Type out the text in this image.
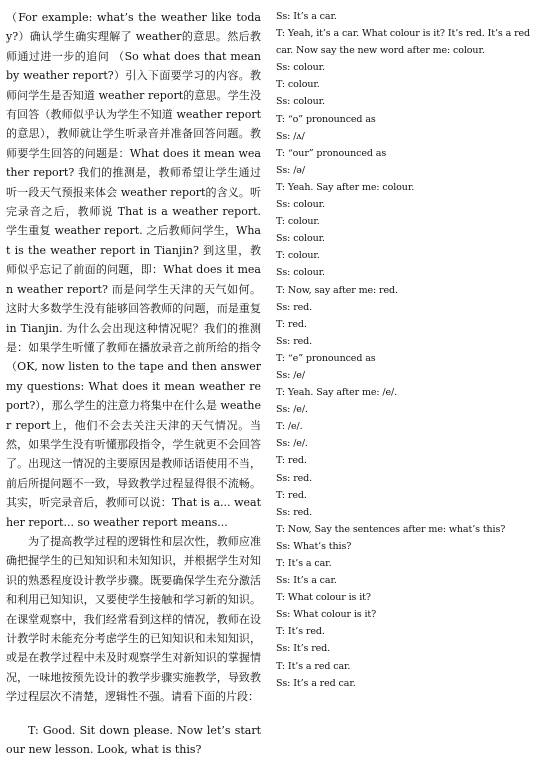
（For example: what’s the weather like today?）确认学生确实理解了 weather的意思。然后教师通过进一步的追问 （So what does that mean by weather report?）引入下面要学习的内容。教师问学生是否知道 weather report的意思。学生没有回答（教师似乎认为学生不知道 weather report的意思），教师就让学生听录音并准备回答问题。教师要学生回答的问题是：What does it mean weather report? 我们的推测是，教师希望让学生通过听一段天气预报来体会 weather report的含义。听完录音之后，教师说 That is a weather report. 学生重复 weather report. 之后教师问学生，What is the weather report in Tianjin? 到这里，教师似乎忘记了前面的问题，即：What does it mean weather report? 而是问学生天津的天气如何。这时大多数学生没有能够回答教师的问题，而是重复 in Tianjin. 为什么会出现这种情况呢？我们的推测是：如果学生听懂了教师在播放录音之前所给的指令（OK, now listen to the tape and then answer my questions: What does it mean weather report?），那么学生的注意力将集中在什么是 weather report上，他们不会去关注天津的天气情况。当然，如果学生没有听懂那段指令，学生就更不会回答了。出现这一情况的主要原因是教师话语使用不当，前后所提问题不一致，导致教学过程显得很不流畅。其实，听完录音后，教师可以说：That is a... weather report... so weather report means...

为了提高教学过程的逻辑性和层次性，教师应准确把握学生的已知知识和未知知识，并根据学生对知识的熟悉程度设计教学步骤。既要确保学生充分激活和利用已知知识，又要使学生接触和学习新的知识。在课堂观察中，我们经常看到这样的情况，教师在设计教学时未能充分考虑学生的已知知识和未知知识，或是在教学过程中未及时观察学生对新知识的掌握情况，一味地按预先设计的教学步骤实施教学，导致教学过程层次不清楚，逻辑性不强。请看下面的片段：

T: Good. Sit down please. Now let’s start our new lesson. Look, what is this?

Ss: It’s a car.
T: Yeah, it’s a car. What colour is it? It’s red. It’s a red car. Now say the new word after me: colour.
Ss: colour.
T: colour.
Ss: colour.
T: “o” pronounced as
Ss: /ʌ/
T: “our” pronounced as
Ss: /ə/
T: Yeah. Say after me: colour.
Ss: colour.
T: colour.
Ss: colour.
T: colour.
Ss: colour.
T: Now, say after me: red.
Ss: red.
T: red.
Ss: red.
T: “e” pronounced as
Ss: /e/
T: Yeah. Say after me: /e/.
Ss: /e/.
T: /e/.
Ss: /e/.
T: red.
Ss: red.
T: red.
Ss: red.
T: Now, Say the sentences after me: what’s this?
Ss: What’s this?
T: It’s a car.
Ss: It’s a car.
T: What colour is it?
Ss: What colour is it?
T: It’s red.
Ss: It’s red.
T: It’s a red car.
Ss: It’s a red car.
